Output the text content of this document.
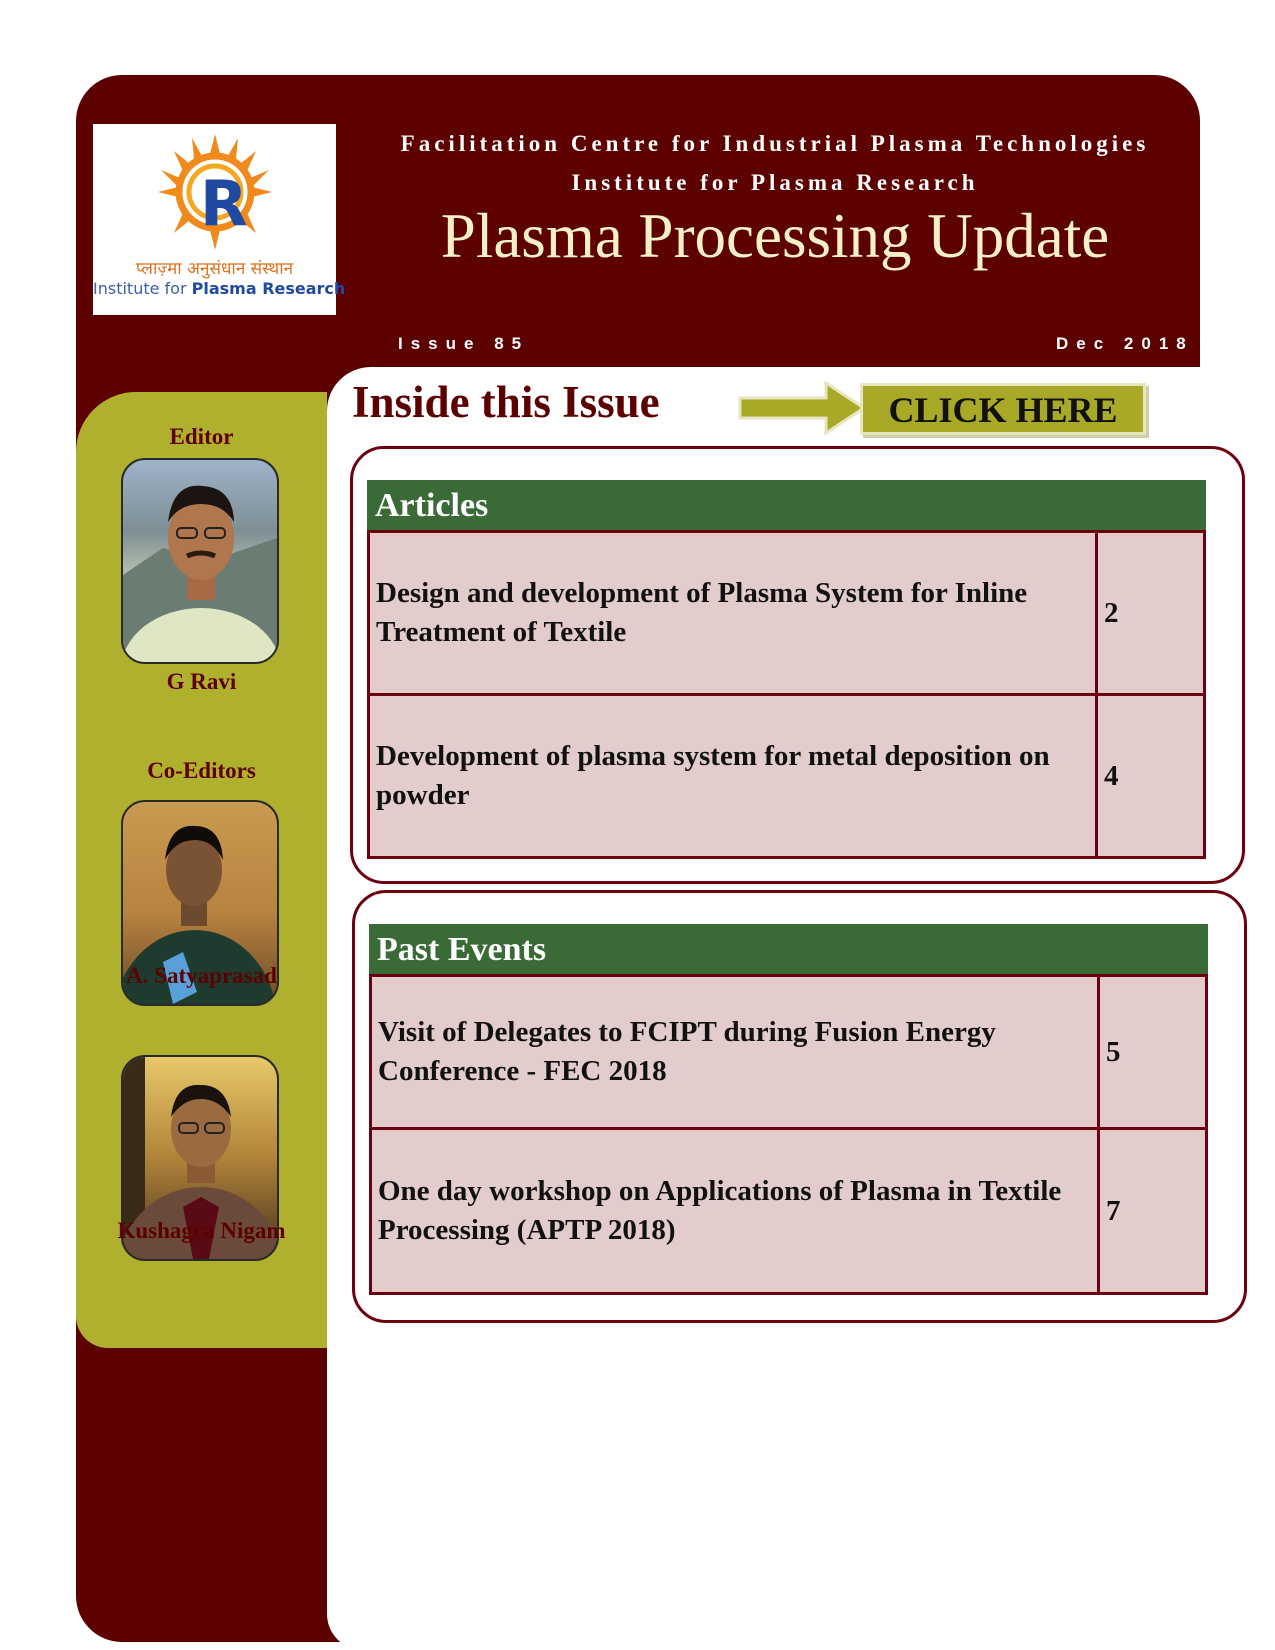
R
प्लाज़्मा अनुसंधान संस्थान
Institute for Plasma Research
Facilitation Centre for Industrial Plasma Technologies
Institute for Plasma Research
Plasma Processing Update
Issue 85	Dec 2018
Editor
G Ravi
Co-Editors
A. Satyaprasad
Kushagra Nigam
Inside this Issue	CLICK HERE
Articles
Design and development of Plasma System for Inline Treatment of Textile	2
Development of plasma system for metal deposition on powder	4
Past Events
Visit of Delegates to FCIPT during Fusion Energy Conference - FEC 2018	5
One day workshop on Applications of Plasma in Textile Processing (APTP 2018)	7
